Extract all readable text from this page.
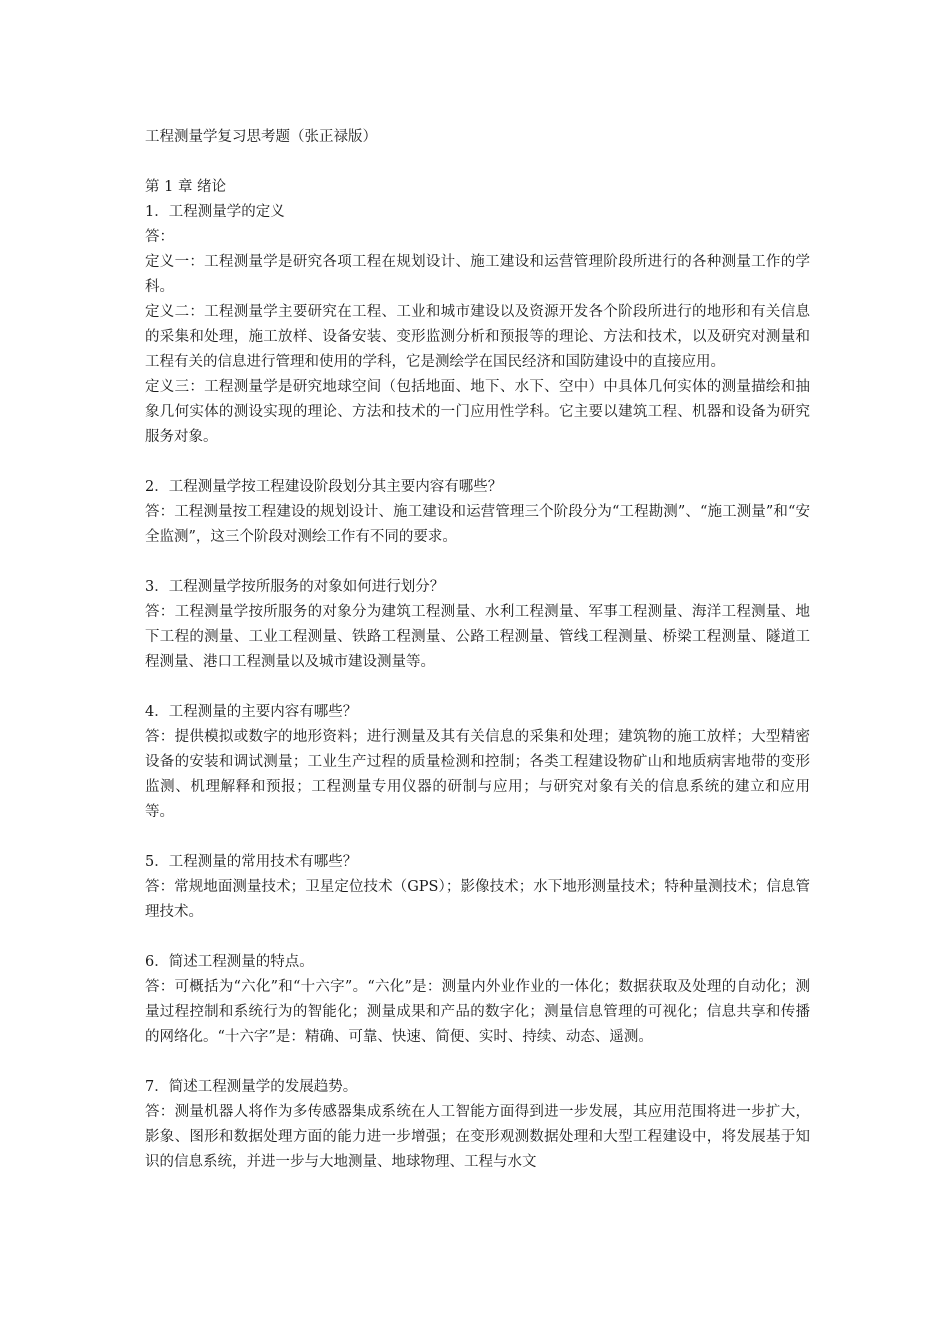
工程测量学复习思考题（张正禄版）

第 1 章 绪论

1．工程测量学的定义

答：

定义一：工程测量学是研究各项工程在规划设计、施工建设和运营管理阶段所进行的各种测量工作的学科。

定义二：工程测量学主要研究在工程、工业和城市建设以及资源开发各个阶段所进行的地形和有关信息的采集和处理，施工放样、设备安装、变形监测分析和预报等的理论、方法和技术，以及研究对测量和工程有关的信息进行管理和使用的学科，它是测绘学在国民经济和国防建设中的直接应用。

定义三：工程测量学是研究地球空间（包括地面、地下、水下、空中）中具体几何实体的测量描绘和抽象几何实体的测设实现的理论、方法和技术的一门应用性学科。它主要以建筑工程、机器和设备为研究服务对象。

2．工程测量学按工程建设阶段划分其主要内容有哪些？

答：工程测量按工程建设的规划设计、施工建设和运营管理三个阶段分为“工程勘测”、“施工测量”和“安全监测”，这三个阶段对测绘工作有不同的要求。

3．工程测量学按所服务的对象如何进行划分？

答：工程测量学按所服务的对象分为建筑工程测量、水利工程测量、军事工程测量、海洋工程测量、地下工程的测量、工业工程测量、铁路工程测量、公路工程测量、管线工程测量、桥梁工程测量、隧道工程测量、港口工程测量以及城市建设测量等。

4．工程测量的主要内容有哪些？

答：提供模拟或数字的地形资料；进行测量及其有关信息的采集和处理；建筑物的施工放样；大型精密设备的安装和调试测量；工业生产过程的质量检测和控制；各类工程建设物矿山和地质病害地带的变形监测、机理解释和预报；工程测量专用仪器的研制与应用；与研究对象有关的信息系统的建立和应用等。

5．工程测量的常用技术有哪些？

答：常规地面测量技术；卫星定位技术（GPS）；影像技术；水下地形测量技术；特种量测技术；信息管理技术。

6．简述工程测量的特点。

答：可概括为“六化”和“十六字”。“六化”是：测量内外业作业的一体化；数据获取及处理的自动化；测量过程控制和系统行为的智能化；测量成果和产品的数字化；测量信息管理的可视化；信息共享和传播的网络化。“十六字”是：精确、可靠、快速、简便、实时、持续、动态、遥测。

7．简述工程测量学的发展趋势。

答：测量机器人将作为多传感器集成系统在人工智能方面得到进一步发展，其应用范围将进一步扩大，影象、图形和数据处理方面的能力进一步增强；在变形观测数据处理和大型工程建设中，将发展基于知识的信息系统，并进一步与大地测量、地球物理、工程与水文
